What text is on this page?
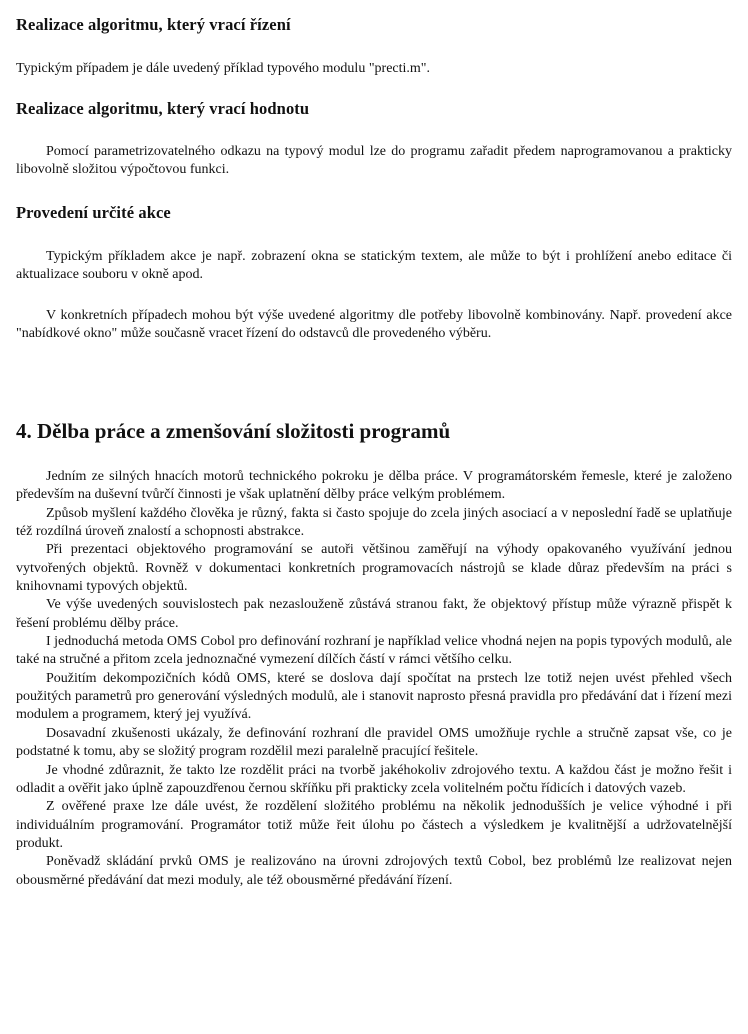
Realizace algoritmu, který vrací řízení

Typickým případem je dále uvedený příklad typového modulu "precti.m".

Realizace algoritmu, který vrací hodnotu

Pomocí parametrizovatelného odkazu na typový modul lze do programu zařadit předem naprogramovanou a prakticky libovolně složitou výpočtovou funkci.

Provedení určité akce

Typickým příkladem akce je např. zobrazení okna se statickým textem, ale může to být i prohlížení anebo editace či aktualizace souboru v okně apod.

V konkretních případech mohou být výše uvedené algoritmy dle potřeby libovolně kombinovány. Např. provedení akce "nabídkové okno" může současně vracet řízení do odstavců dle provedeného výběru.

4. Dělba práce a zmenšování složitosti programů

Jedním ze silných hnacích motorů technického pokroku je dělba práce. V programátorském řemesle, které je založeno především na duševní tvůrčí činnosti je však uplatnění dělby práce velkým problémem.

Způsob myšlení každého člověka je různý, fakta si často spojuje do zcela jiných asociací a v neposlední řadě se uplatňuje též rozdílná úroveň znalostí a schopnosti abstrakce.

Při prezentaci objektového programování se autoři většinou zaměřují na výhody opakovaného využívání jednou vytvořených objektů. Rovněž v dokumentaci konkretních programovacích nástrojů se klade důraz především na práci s knihovnami typových objektů.

Ve výše uvedených souvislostech pak nezaslouženě zůstává stranou fakt, že objektový přístup může výrazně přispět k řešení problému dělby práce.

I jednoduchá metoda OMS Cobol pro definování rozhraní je například velice vhodná nejen na popis typových modulů, ale také na stručné a přitom zcela jednoznačné vymezení dílčích částí v rámci většího celku.

Použitím dekompozičních kódů OMS, které se doslova dají spočítat na prstech lze totiž nejen uvést přehled všech použitých parametrů pro generování výsledných modulů, ale i stanovit naprosto přesná pravidla pro předávání dat i řízení mezi modulem a programem, který jej využívá.

Dosavadní zkušenosti ukázaly, že definování rozhraní dle pravidel OMS umožňuje rychle a stručně zapsat vše, co je podstatné k tomu, aby se složitý program rozdělil mezi paralelně pracující řešitele.

Je vhodné zdůraznit, že takto lze rozdělit práci na tvorbě jakéhokoliv zdrojového textu. A každou část je možno řešit i odladit a ověřit jako úplně zapouzdřenou černou skříňku při prakticky zcela volitelném počtu řídicích i datových vazeb.

Z ověřené praxe lze dále uvést, že rozdělení složitého problému na několik jednodušších je velice výhodné i při individuálním programování. Programátor totiž může řeit úlohu po částech a výsledkem je kvalitnější a udržovatelnější produkt.

Poněvadž skládání prvků OMS je realizováno na úrovni zdrojových textů Cobol, bez problémů lze realizovat nejen obousměrné předávání dat mezi moduly, ale též obousměrné předávání řízení.
